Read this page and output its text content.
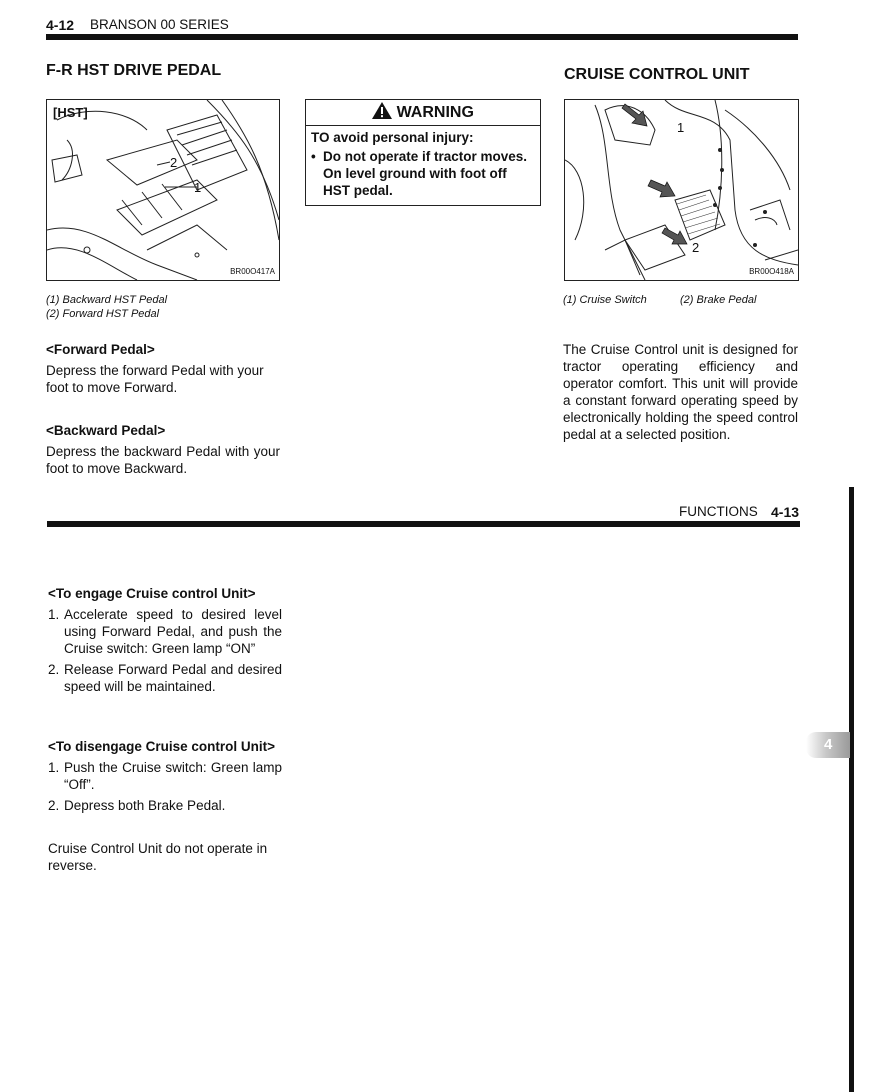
4-12 BRANSON 00 SERIES
F-R HST DRIVE PEDAL
[HST]
2
1
BR00O417A
(1) Backward HST Pedal
(2) Forward HST Pedal
<Forward Pedal>
Depress the forward Pedal with your foot to move Forward.
<Backward Pedal>
Depress the backward Pedal with your foot to move Backward.
WARNING
TO avoid personal injury:
• Do not operate if tractor moves. On level ground with foot off HST pedal.
CRUISE CONTROL UNIT
1
2
BR00O418A
(1) Cruise Switch	(2) Brake Pedal
The Cruise Control unit is designed for tractor operating efficiency and operator comfort. This unit will provide a constant forward operating speed by electronically holding the speed control pedal at a selected position.
FUNCTIONS 4-13
4
<To engage Cruise control Unit>
1. Accelerate speed to desired level using Forward Pedal, and push the Cruise switch: Green lamp “ON”
2. Release Forward Pedal and desired speed will be maintained.
<To disengage Cruise control Unit>
1. Push the Cruise switch: Green lamp “Off”.
2. Depress both Brake Pedal.
Cruise Control Unit do not operate in reverse.
